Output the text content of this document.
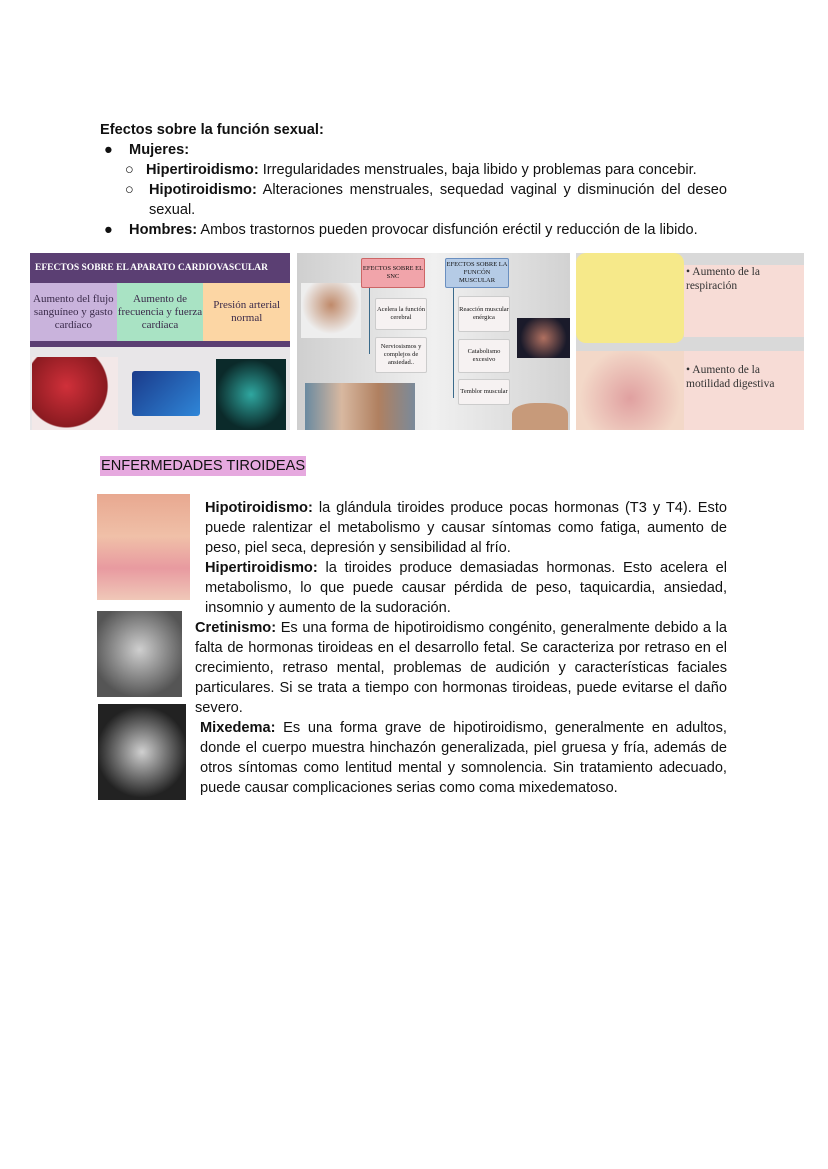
Efectos sobre la función sexual:
●    Mujeres:
○   Hipertiroidismo: Irregularidades menstruales, baja libido y problemas para concebir.
○ Hipotiroidismo: Alteraciones menstruales, sequedad vaginal y disminución del deseo sexual.
●    Hombres: Ambos trastornos pueden provocar disfunción eréctil y reducción de la libido.
EFECTOS SOBRE EL APARATO CARDIOVASCULAR
Aumento del flujo sanguíneo y gasto cardíaco
Aumento de frecuencia y fuerza cardíaca
Presión arterial normal
EFECTOS SOBRE EL SNC
EFECTOS SOBRE LA FUNCÓN MUSCULAR
Acelera la función cerebral
Nerviosismos y complejos de ansiedad..
Reacción muscular enérgica
Catabolismo excesivo
Temblor muscular
• Aumento de la respiración
• Aumento de la motilidad digestiva
ENFERMEDADES TIROIDEAS
Hipotiroidismo: la glándula tiroides produce pocas hormonas (T3 y T4). Esto puede ralentizar el metabolismo y causar síntomas como fatiga, aumento de peso, piel seca, depresión y sensibilidad al frío.
Hipertiroidismo: la tiroides produce demasiadas hormonas. Esto acelera el metabolismo, lo que puede causar pérdida de peso, taquicardia, ansiedad, insomnio y aumento de la sudoración.
Cretinismo: Es una forma de hipotiroidismo congénito, generalmente debido a la falta de hormonas tiroideas en el desarrollo fetal. Se caracteriza por retraso en el crecimiento, retraso mental, problemas de audición y características faciales particulares. Si se trata a tiempo con hormonas tiroideas, puede evitarse el daño severo.
Mixedema: Es una forma grave de hipotiroidismo, generalmente en adultos, donde el cuerpo muestra hinchazón generalizada, piel gruesa y fría, además de otros síntomas como lentitud mental y somnolencia. Sin tratamiento adecuado, puede causar complicaciones serias como coma mixedematoso.
